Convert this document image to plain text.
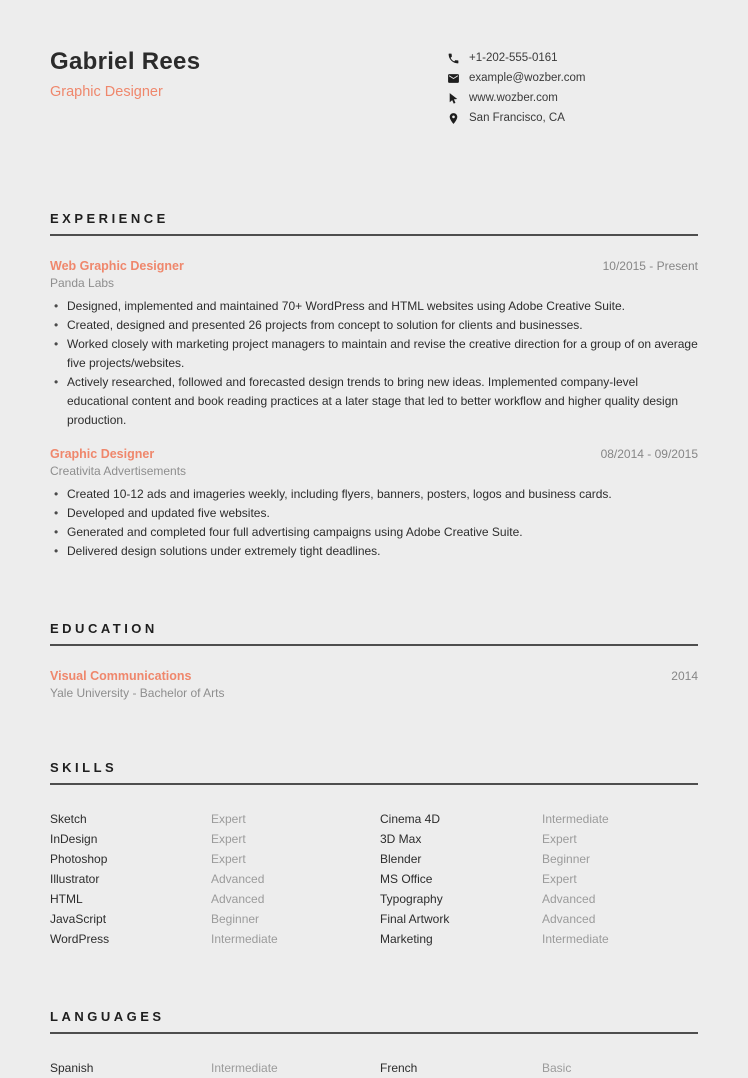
Gabriel Rees
Graphic Designer
+1-202-555-0161
example@wozber.com
www.wozber.com
San Francisco, CA
EXPERIENCE
Web Graphic Designer	10/2015 - Present
Panda Labs
• Designed, implemented and maintained 70+ WordPress and HTML websites using Adobe Creative Suite.
• Created, designed and presented 26 projects from concept to solution for clients and businesses.
• Worked closely with marketing project managers to maintain and revise the creative direction for a group of on average five projects/websites.
• Actively researched, followed and forecasted design trends to bring new ideas. Implemented company-level educational content and book reading practices at a later stage that led to better workflow and higher quality design production.
Graphic Designer	08/2014 - 09/2015
Creativita Advertisements
• Created 10-12 ads and imageries weekly, including flyers, banners, posters, logos and business cards.
• Developed and updated five websites.
• Generated and completed four full advertising campaigns using Adobe Creative Suite.
• Delivered design solutions under extremely tight deadlines.
EDUCATION
Visual Communications	2014
Yale University - Bachelor of Arts
SKILLS
Sketch	Expert	Cinema 4D	Intermediate
InDesign	Expert	3D Max	Expert
Photoshop	Expert	Blender	Beginner
Illustrator	Advanced	MS Office	Expert
HTML	Advanced	Typography	Advanced
JavaScript	Beginner	Final Artwork	Advanced
WordPress	Intermediate	Marketing	Intermediate
LANGUAGES
Spanish	Intermediate	French	Basic
